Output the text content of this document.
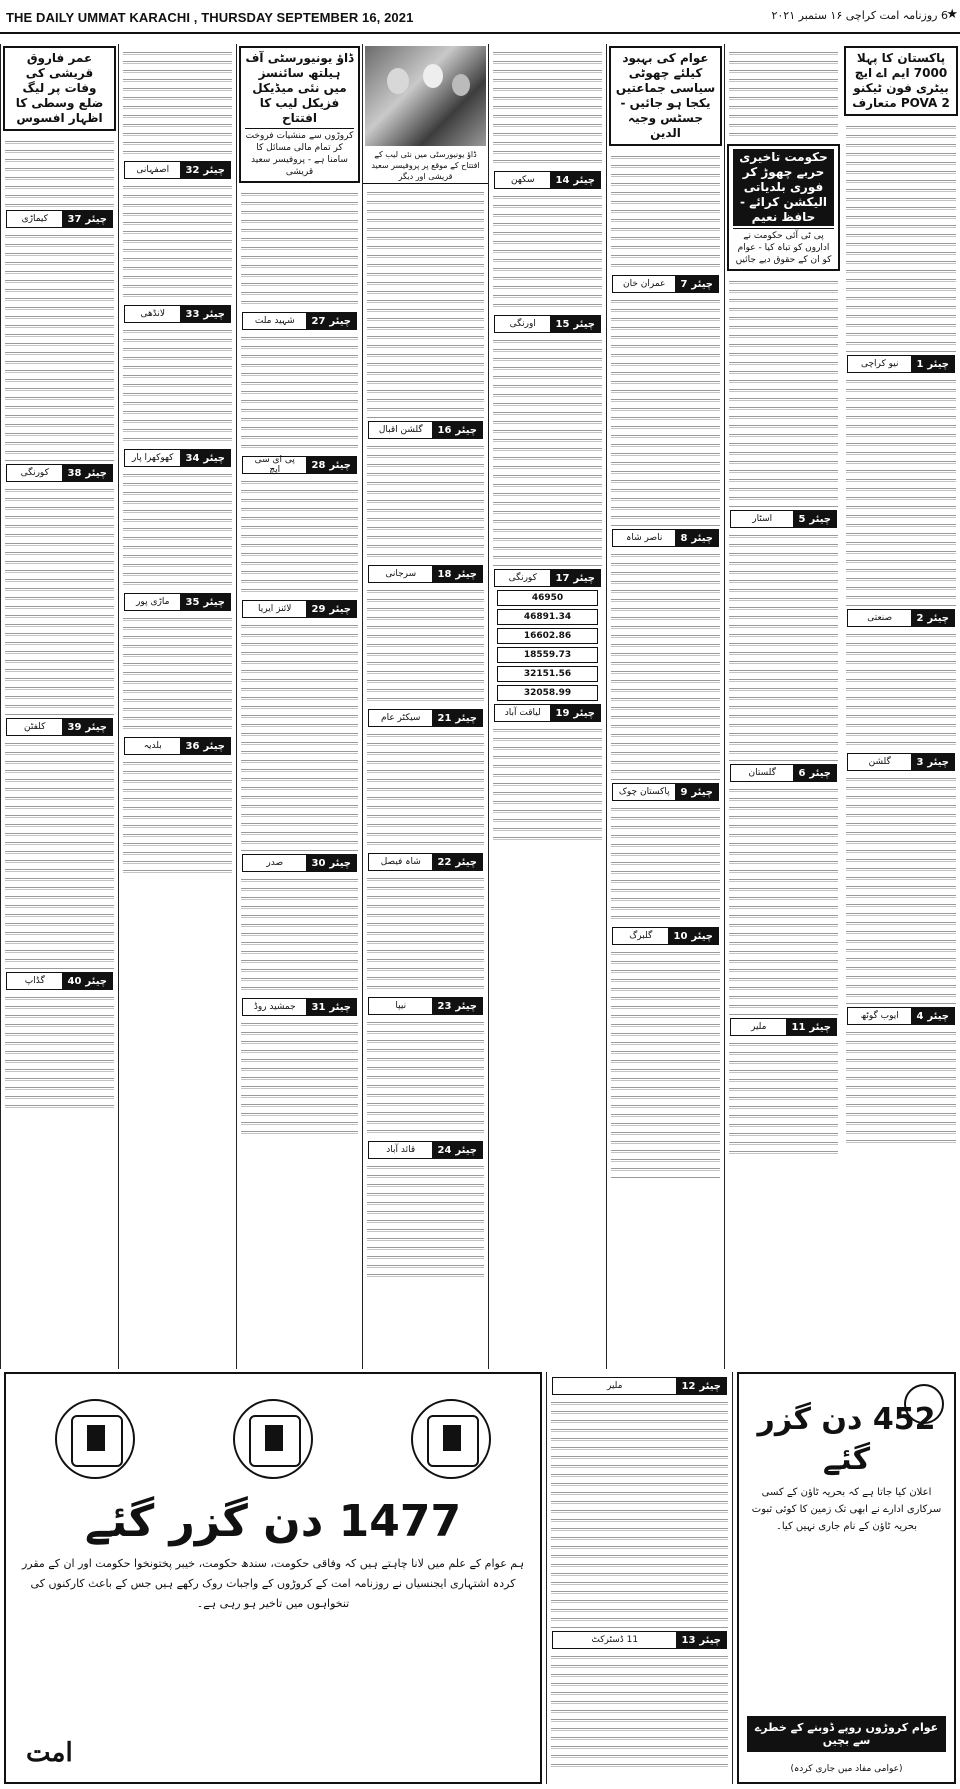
THE DAILY UMMAT KARACHI , THURSDAY SEPTEMBER 16, 2021	6 روزنامہ امت کراچی ۱۶ ستمبر ۲۰۲۱ ★
پاکستان کا پہلا 7000 ایم اے ایچ بیٹری فون ٹیکنو POVA 2 متعارف
چیئر
1
نیو کراچی
چیئر
2
صنعتی
چیئر
3
گلشن
چیئر
4
ایوب گوٹھ
حکومت تاخیری حربے چھوڑ کر فوری بلدیاتی الیکشن کرائے - حافظ نعیم
پی ٹی آئی حکومت نے اداروں کو تباہ کیا - عوام کو ان کے حقوق دیے جائیں
چیئر
5
اسٹار
چیئر
6
گلستان
چیئر
11
ملیر
عوام کی بہبود کیلئے چھوٹی سیاسی جماعتیں یکجا ہو جائیں - جسٹس وجیہ الدین
چیئر
7
عمران خان
چیئر
8
ناصر شاہ
چیئر
9
پاکستان چوک
چیئر
10
گلبرگ
چیئر
14
سکھن
چیئر
15
اورنگی
چیئر
17
کورنگی
46950
46891.34
16602.86
18559.73
32151.56
32058.99
چیئر
19
لیاقت آباد
ڈاؤ یونیورسٹی میں نئی لیب کے افتتاح کے موقع پر پروفیسر سعید قریشی اور دیگر
چیئر
16
گلشن اقبال
چیئر
18
سرجانی
چیئر
21
سیکٹر عام
چیئر
22
شاہ فیصل
چیئر
23
نیپا
چیئر
24
قائد آباد
ڈاؤ یونیورسٹی آف ہیلتھ سائنسز میں نئی میڈیکل فزیکل لیب کا افتتاح
کروڑوں سے منشیات فروخت کر تمام مالی مسائل کا سامنا ہے - پروفیسر سعید قریشی
چیئر
27
شہید ملت
چیئر
28
پی ای سی ایچ
چیئر
29
لائنز ایریا
چیئر
30
صدر
چیئر
31
جمشید روڈ
چیئر
32
اصفہانی
چیئر
33
لانڈھی
چیئر
34
کھوکھرا پار
چیئر
35
ماڑی پور
چیئر
36
بلدیہ
عمر فاروق قریشی کی وفات پر لیگ ضلع وسطی کا اظہار افسوس
چیئر
37
کیماڑی
چیئر
38
کورنگی
چیئر
39
کلفٹن
چیئر
40
گڈاپ
1477 دن گزر گئے
ہم عوام کے علم میں لانا چاہتے ہیں کہ وفاقی حکومت، سندھ حکومت، خیبر پختونخوا حکومت اور ان کے مقرر کردہ اشتہاری ایجنسیاں نے روزنامہ امت کے کروڑوں کے واجبات روک رکھے ہیں جس کے باعث کارکنوں کی تنخواہوں میں تاخیر ہو رہی ہے۔
امت
چیئر
12
ملیر
چیئر
13
11 ڈسٹرکٹ
452 دن گزر گئے
اعلان کیا جاتا ہے کہ بحریہ ٹاؤن کے کسی سرکاری ادارے نے ابھی تک زمین کا کوئی ثبوت بحریہ ٹاؤن کے نام جاری نہیں کیا۔
عوام کروڑوں روپے ڈوبنے کے خطرے سے بچیں
(عوامی مفاد میں جاری کردہ)
